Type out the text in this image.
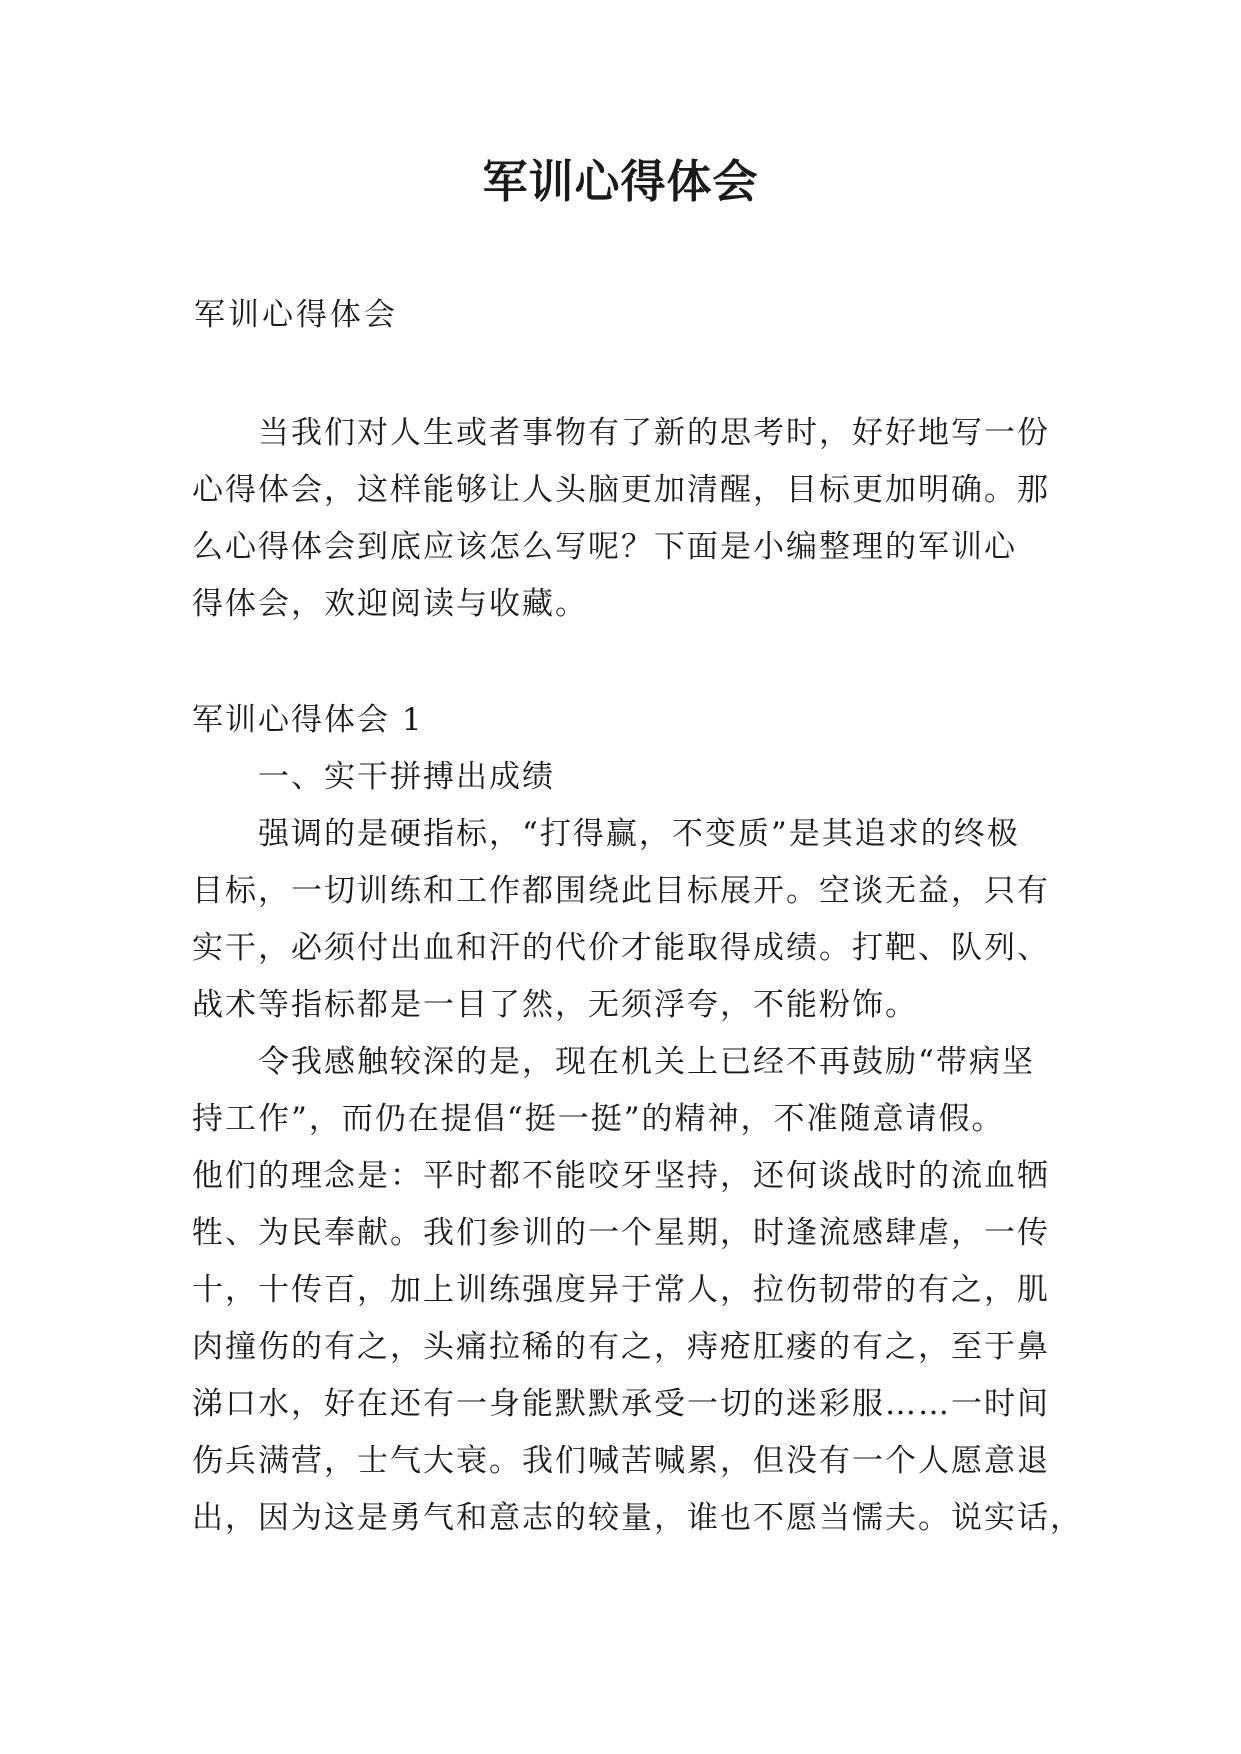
军训心得体会

军训心得体会

当我们对人生或者事物有了新的思考时，好好地写一份

心得体会，这样能够让人头脑更加清醒，目标更加明确。那

么心得体会到底应该怎么写呢？下面是小编整理的军训心

得体会，欢迎阅读与收藏。

军训心得体会 1

一、实干拼搏出成绩

强调的是硬指标，“打得赢，不变质”是其追求的终极

目标，一切训练和工作都围绕此目标展开。空谈无益，只有

实干，必须付出血和汗的代价才能取得成绩。打靶、队列、

战术等指标都是一目了然，无须浮夸，不能粉饰。

令我感触较深的是，现在机关上已经不再鼓励“带病坚

持工作”，而仍在提倡“挺一挺”的精神，不准随意请假。

他们的理念是：平时都不能咬牙坚持，还何谈战时的流血牺

牲、为民奉献。我们参训的一个星期，时逢流感肆虐，一传

十，十传百，加上训练强度异于常人，拉伤韧带的有之，肌

肉撞伤的有之，头痛拉稀的有之，痔疮肛瘘的有之，至于鼻

涕口水，好在还有一身能默默承受一切的迷彩服……一时间

伤兵满营，士气大衰。我们喊苦喊累，但没有一个人愿意退

出，因为这是勇气和意志的较量，谁也不愿当懦夫。说实话，
